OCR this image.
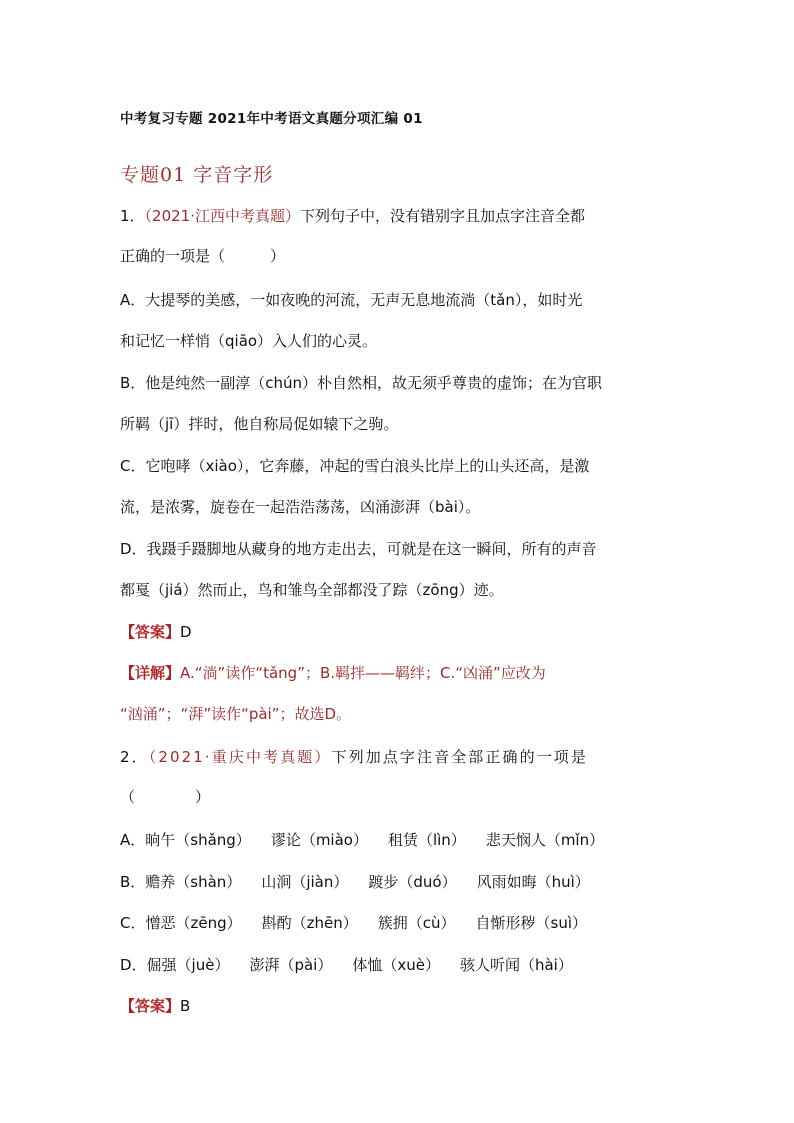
中考复习专题 2021年中考语文真题分项汇编 01
专题01 字音字形
1．（2021·江西中考真题）下列句子中，没有错别字且加点字注音全都
正确的一项是（　　　）
A．大提琴的美感，一如夜晚的河流，无声无息地流淌（tǎn），如时光
和记忆一样悄（qiāo）入人们的心灵。
B．他是纯然一副淳（chún）朴自然相，故无须乎尊贵的虚饰；在为官职
所羁（jī）拌时，他自称局促如辕下之驹。
C．它咆哮（xiào），它奔藤，冲起的雪白浪头比岸上的山头还高，是激
流，是浓雾，旋卷在一起浩浩荡荡，凶涌澎湃（bài）。
D．我蹑手蹑脚地从藏身的地方走出去，可就是在这一瞬间，所有的声音
都戛（jiá）然而止，鸟和雏鸟全部都没了踪（zōng）迹。
【答案】D
【详解】A.“淌”读作“tǎng”；B.羁拌——羁绊；C.“凶涌”应改为
“汹涌”；“湃”读作“pài”；故选D。
2．（2021·重庆中考真题）下列加点字注音全部正确的一项是
（　　　　）
A．晌午（shǎng） 谬论（miào） 租赁（lìn） 悲天悯人（mǐn）
B．赡养（shàn） 山涧（jiàn） 踱步（duó） 风雨如晦（huì）
C．憎恶（zēng） 斟酌（zhēn） 簇拥（cù） 自惭形秽（suì）
D．倔强（juè） 澎湃（pài） 体恤（xuè） 骇人听闻（hài）
【答案】B
